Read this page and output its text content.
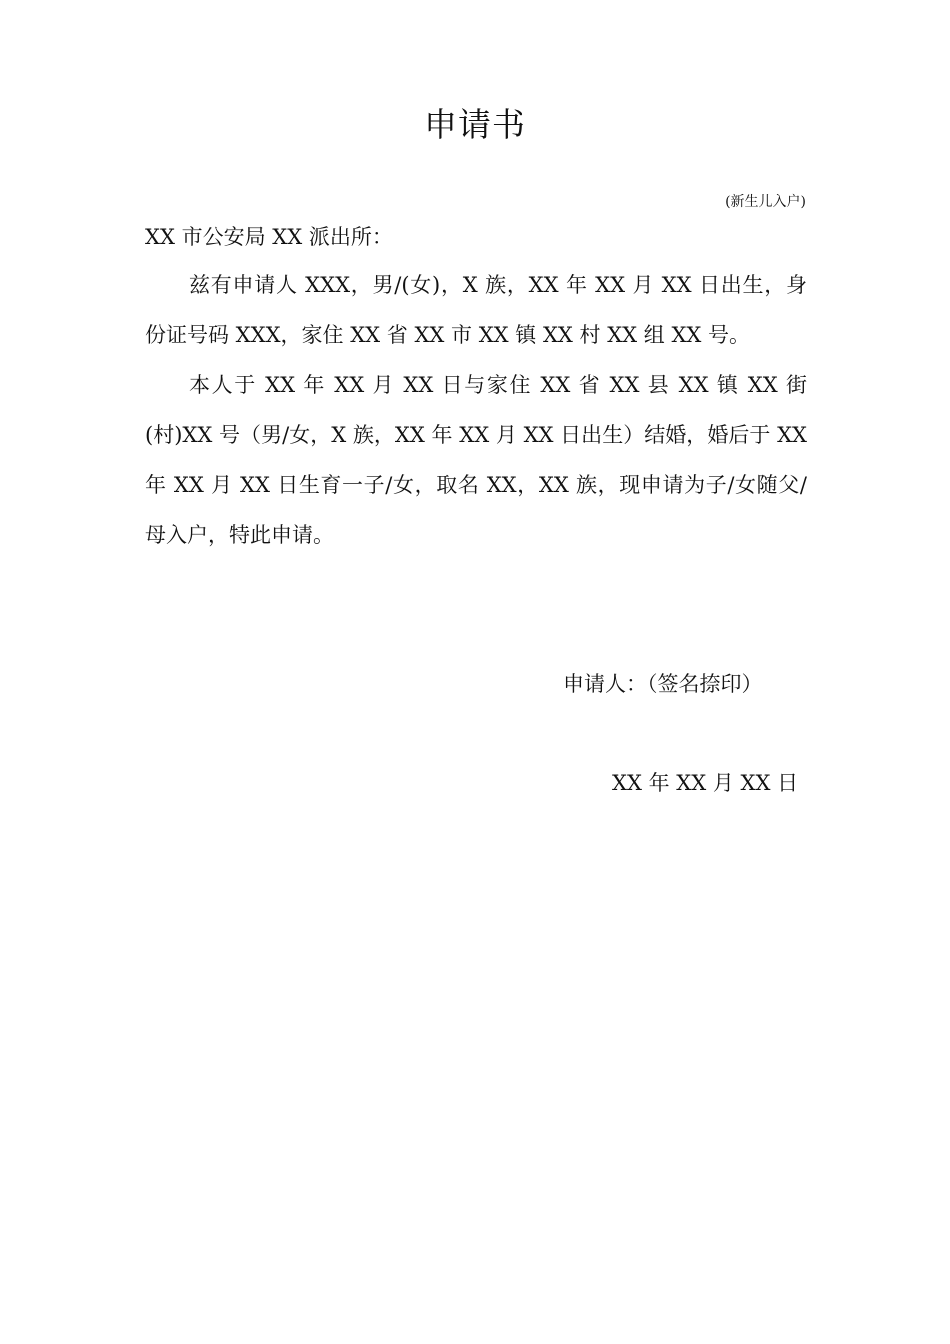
申请书
(新生儿入户)
XX 市公安局 XX 派出所：

兹有申请人 XXX，男/(女)，X 族，XX 年 XX 月 XX 日出生，身份证号码 XXX，家住 XX 省 XX 市 XX 镇 XX 村 XX 组 XX 号。

本人于 XX 年 XX 月 XX 日与家住 XX 省 XX 县 XX 镇 XX 街(村)XX 号（男/女，X 族，XX 年 XX 月 XX 日出生）结婚，婚后于 XX 年 XX 月 XX 日生育一子/女，取名 XX，XX 族，现申请为子/女随父/母入户，特此申请。

申请人：（签名捺印）
XX 年 XX 月 XX 日
